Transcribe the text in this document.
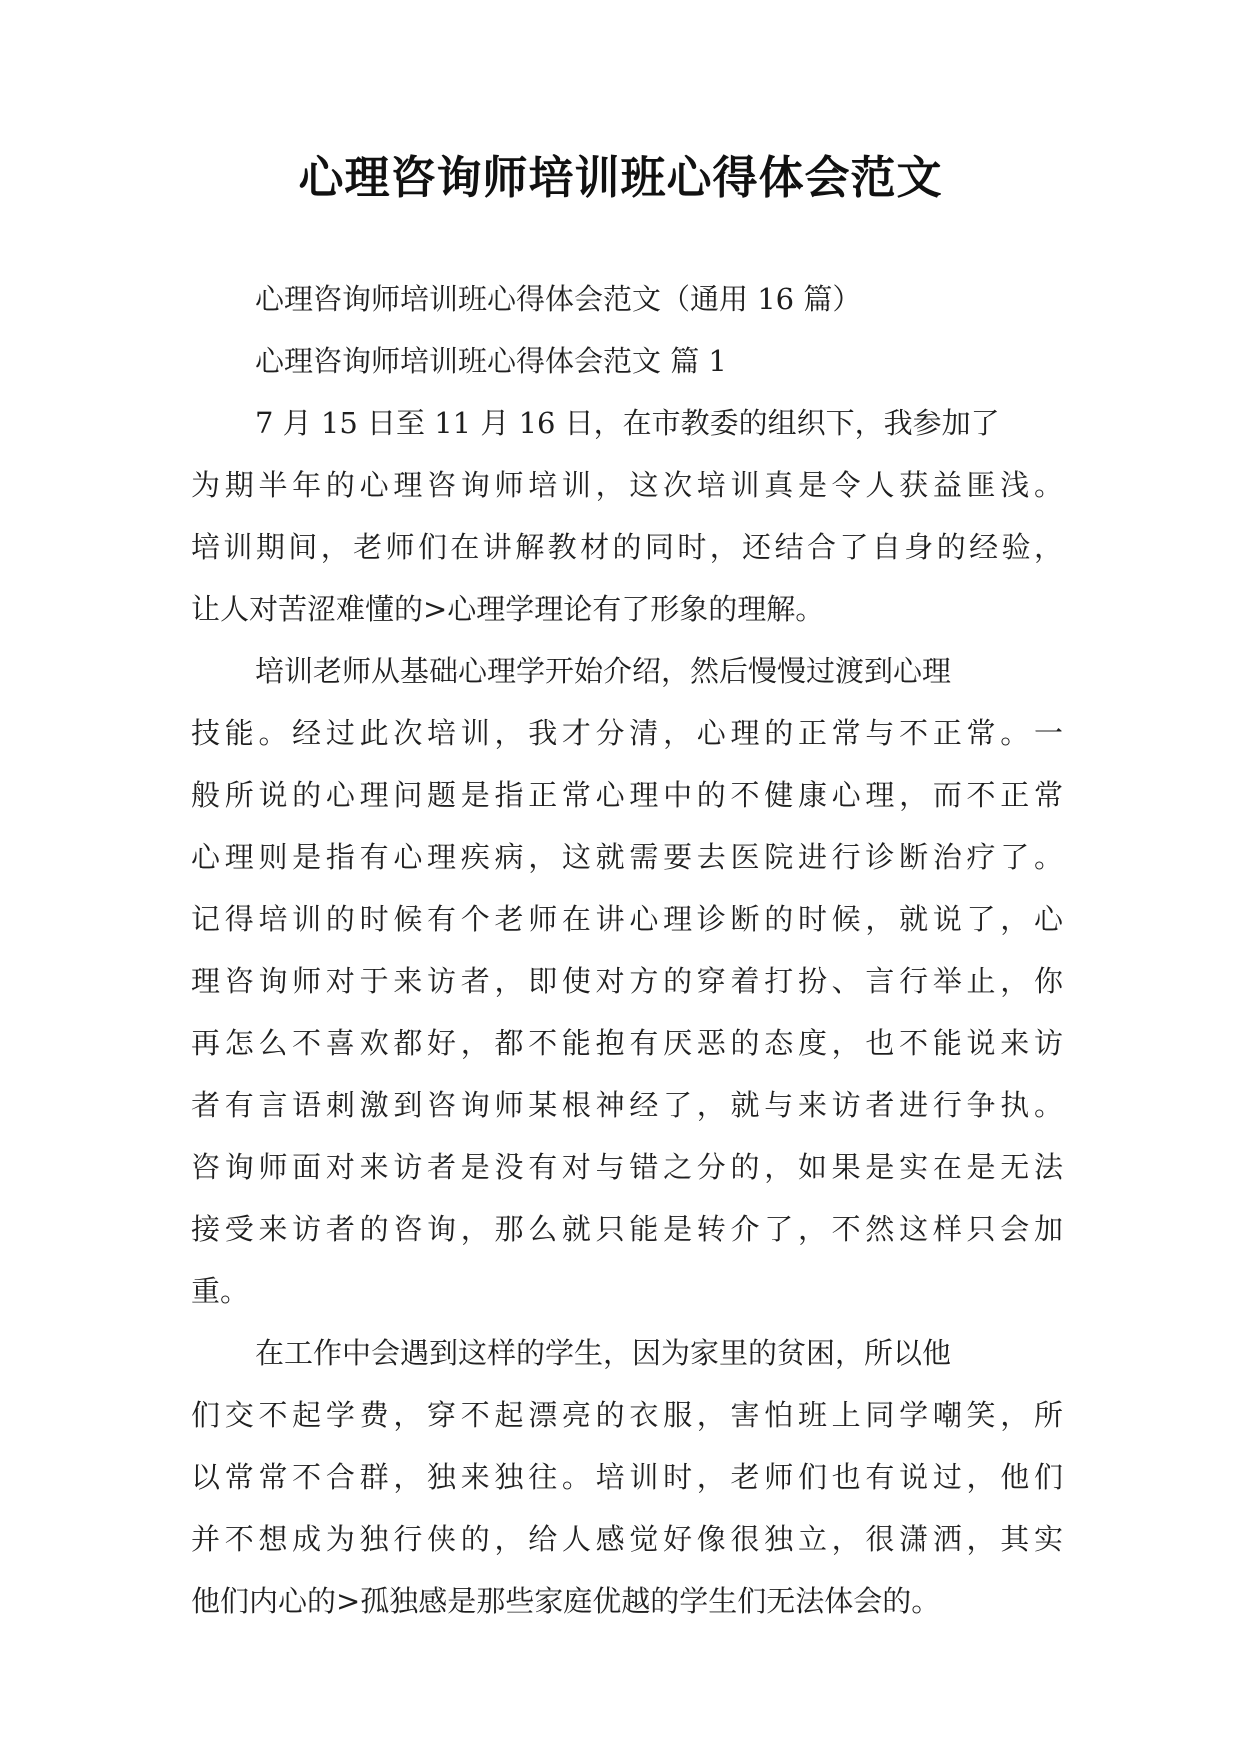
心理咨询师培训班心得体会范文
心理咨询师培训班心得体会范文（通用 16 篇）
心理咨询师培训班心得体会范文 篇 1
7 月 15 日至 11 月 16 日，在市教委的组织下，我参加了
为期半年的心理咨询师培训，这次培训真是令人获益匪浅。
培训期间，老师们在讲解教材的同时，还结合了自身的经验，
让人对苦涩难懂的>心理学理论有了形象的理解。
培训老师从基础心理学开始介绍，然后慢慢过渡到心理
技能。经过此次培训，我才分清，心理的正常与不正常。一
般所说的心理问题是指正常心理中的不健康心理，而不正常
心理则是指有心理疾病，这就需要去医院进行诊断治疗了。
记得培训的时候有个老师在讲心理诊断的时候，就说了，心
理咨询师对于来访者，即使对方的穿着打扮、言行举止，你
再怎么不喜欢都好，都不能抱有厌恶的态度，也不能说来访
者有言语刺激到咨询师某根神经了，就与来访者进行争执。
咨询师面对来访者是没有对与错之分的，如果是实在是无法
接受来访者的咨询，那么就只能是转介了，不然这样只会加
重。
在工作中会遇到这样的学生，因为家里的贫困，所以他
们交不起学费，穿不起漂亮的衣服，害怕班上同学嘲笑，所
以常常不合群，独来独往。培训时，老师们也有说过，他们
并不想成为独行侠的，给人感觉好像很独立，很潇洒，其实
他们内心的>孤独感是那些家庭优越的学生们无法体会的。
